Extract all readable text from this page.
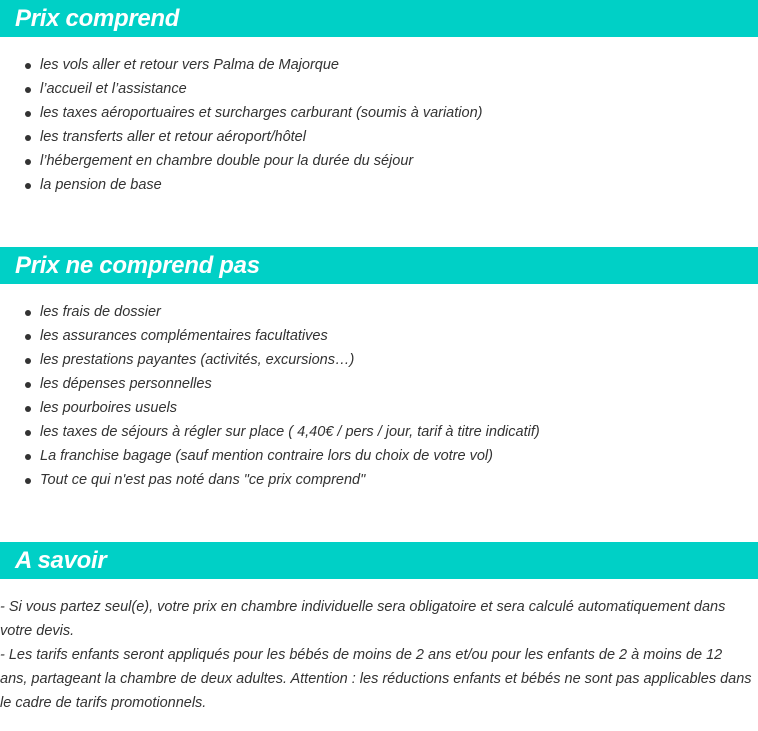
Prix comprend
les vols aller et retour vers Palma de Majorque
l’accueil et l’assistance
les taxes aéroportuaires et surcharges carburant (soumis à variation)
les transferts aller et retour aéroport/hôtel
l’hébergement en chambre double pour la durée du séjour
la pension de base
Prix ne comprend pas
les frais de dossier
les assurances complémentaires facultatives
les prestations payantes (activités, excursions…)
les dépenses personnelles
les pourboires usuels
les taxes de séjours à régler sur place ( 4,40€ / pers / jour, tarif à titre indicatif)
La franchise bagage (sauf mention contraire lors du choix de votre vol)
Tout ce qui n'est pas noté dans "ce prix comprend"
A savoir

- Si vous partez seul(e), votre prix en chambre individuelle sera obligatoire et sera calculé automatiquement dans votre devis.

- Les tarifs enfants seront appliqués pour les bébés de moins de 2 ans et/ou pour les enfants de 2 à moins de 12 ans, partageant la chambre de deux adultes. Attention : les réductions enfants et bébés ne sont pas applicables dans le cadre de tarifs promotionnels.
